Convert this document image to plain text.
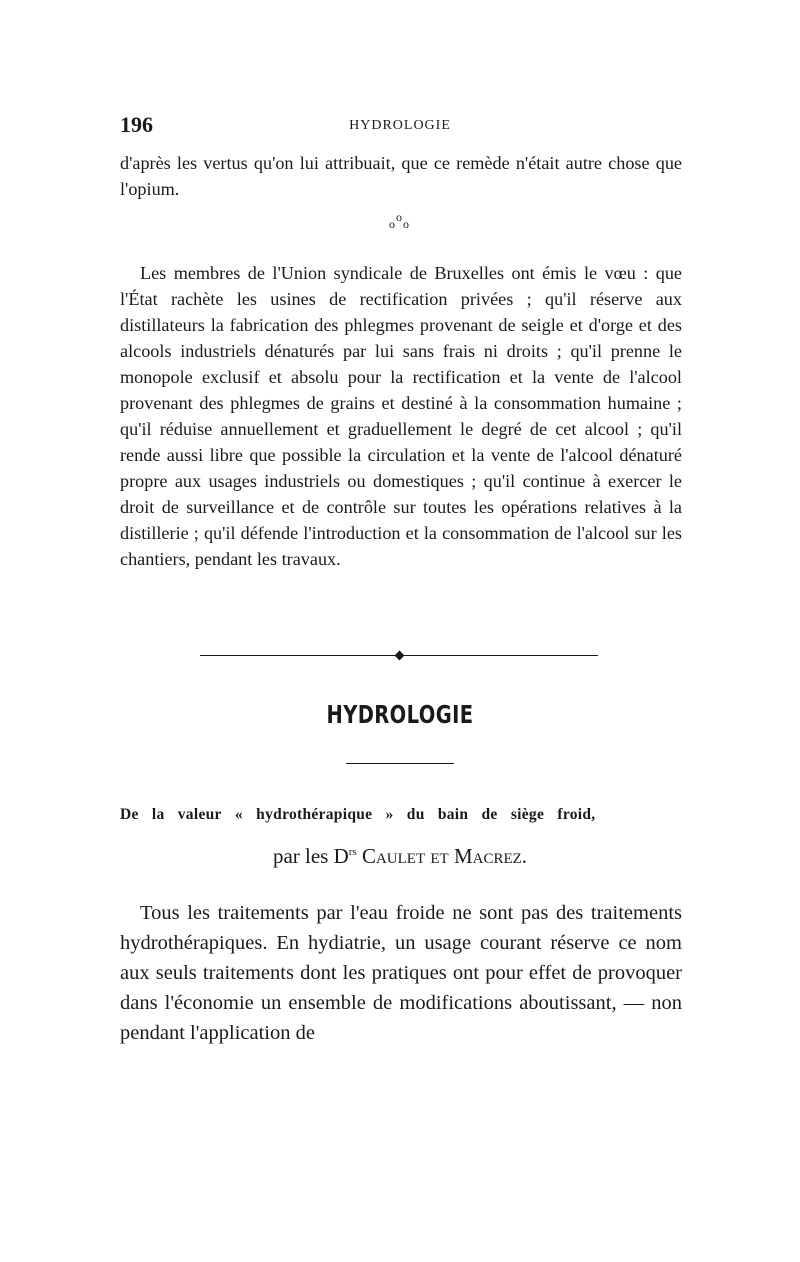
196	HYDROLOGIE

d'après les vertus qu'on lui attribuait, que ce remède n'était autre chose que l'opium.

o
o o

Les membres de l'Union syndicale de Bruxelles ont émis le vœu : que l'État rachète les usines de rectification privées ; qu'il réserve aux distillateurs la fabrication des phlegmes provenant de seigle et d'orge et des alcools industriels dénaturés par lui sans frais ni droits ; qu'il prenne le monopole exclusif et absolu pour la rectification et la vente de l'alcool provenant des phlegmes de grains et destiné à la consommation humaine ; qu'il réduise annuellement et graduellement le degré de cet alcool ; qu'il rende aussi libre que possible la circulation et la vente de l'alcool dénaturé propre aux usages industriels ou domestiques ; qu'il continue à exercer le droit de surveillance et de contrôle sur toutes les opérations relatives à la distillerie ; qu'il défende l'introduction et la consommation de l'alcool sur les chantiers, pendant les travaux.

HYDROLOGIE
De la valeur « hydrothérapique » du bain de siège froid,
par les $D^{rs}$ Caulet et Macrez.

Tous les traitements par l'eau froide ne sont pas des traitements hydrothérapiques. En hydiatrie, un usage courant réserve ce nom aux seuls traitements dont les pratiques ont pour effet de provoquer dans l'économie un ensemble de modifications aboutissant, — non pendant l'application de
